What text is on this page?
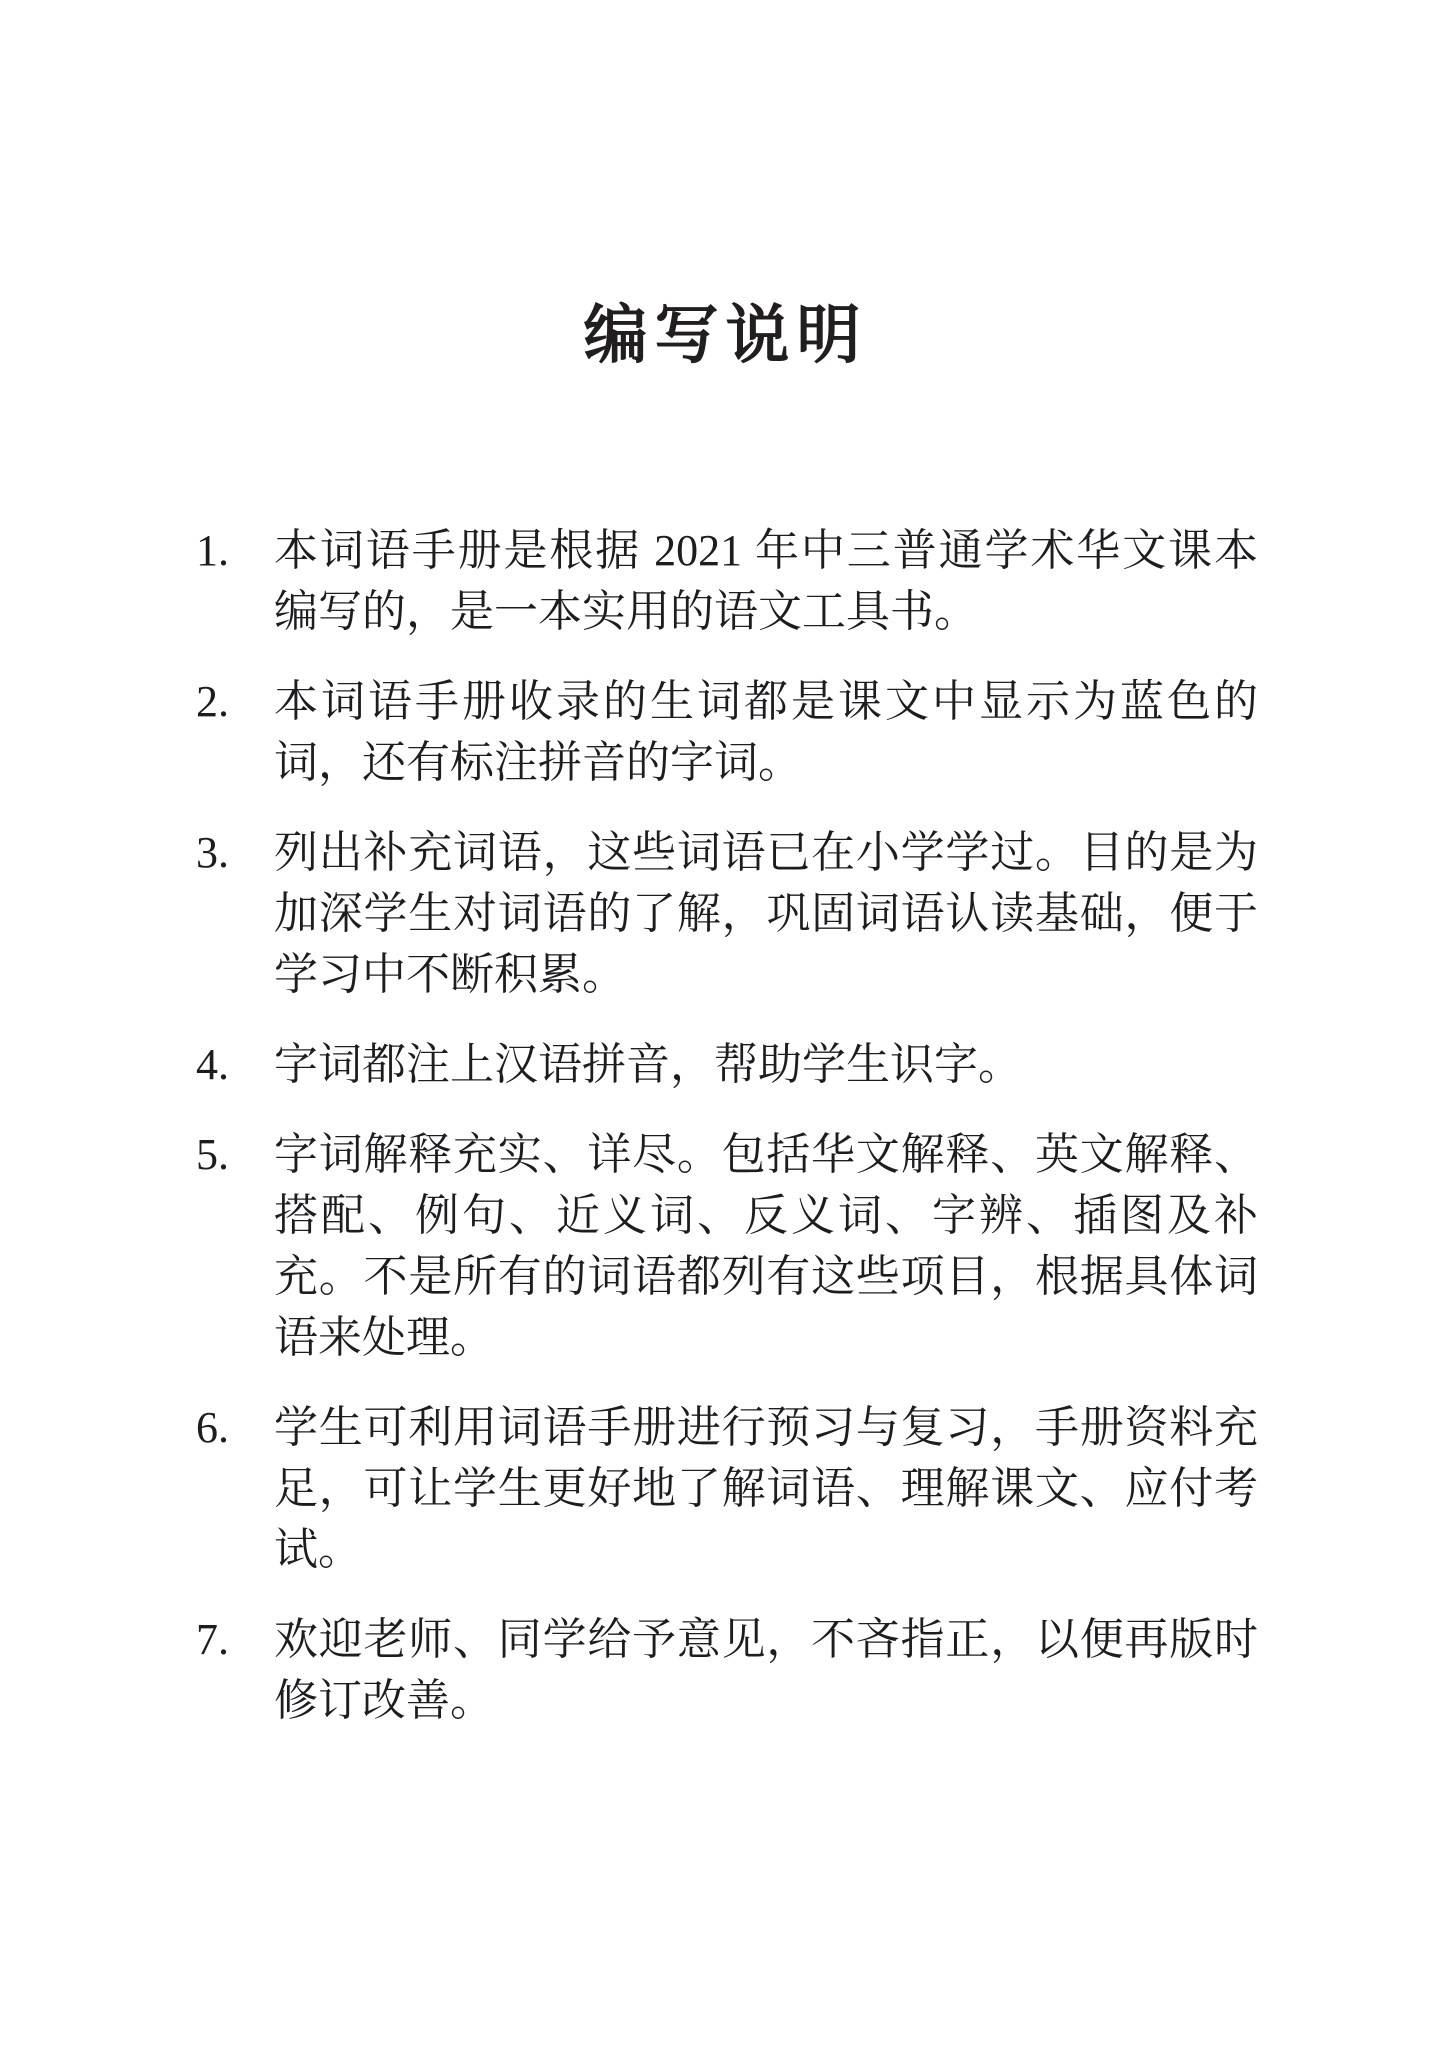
编写说明
1.	本词语手册是根据 2021 年中三普通学术华文课本编写的，是一本实用的语文工具书。
2.	本词语手册收录的生词都是课文中显示为蓝色的词，还有标注拼音的字词。
3.	列出补充词语，这些词语已在小学学过。目的是为加深学生对词语的了解，巩固词语认读基础，便于学习中不断积累。
4.	字词都注上汉语拼音，帮助学生识字。
5.	字词解释充实、详尽。包括华文解释、英文解释、搭配、例句、近义词、反义词、字辨、插图及补充。不是所有的词语都列有这些项目，根据具体词语来处理。
6.	学生可利用词语手册进行预习与复习，手册资料充足，可让学生更好地了解词语、理解课文、应付考试。
7.	欢迎老师、同学给予意见，不吝指正，以便再版时修订改善。
